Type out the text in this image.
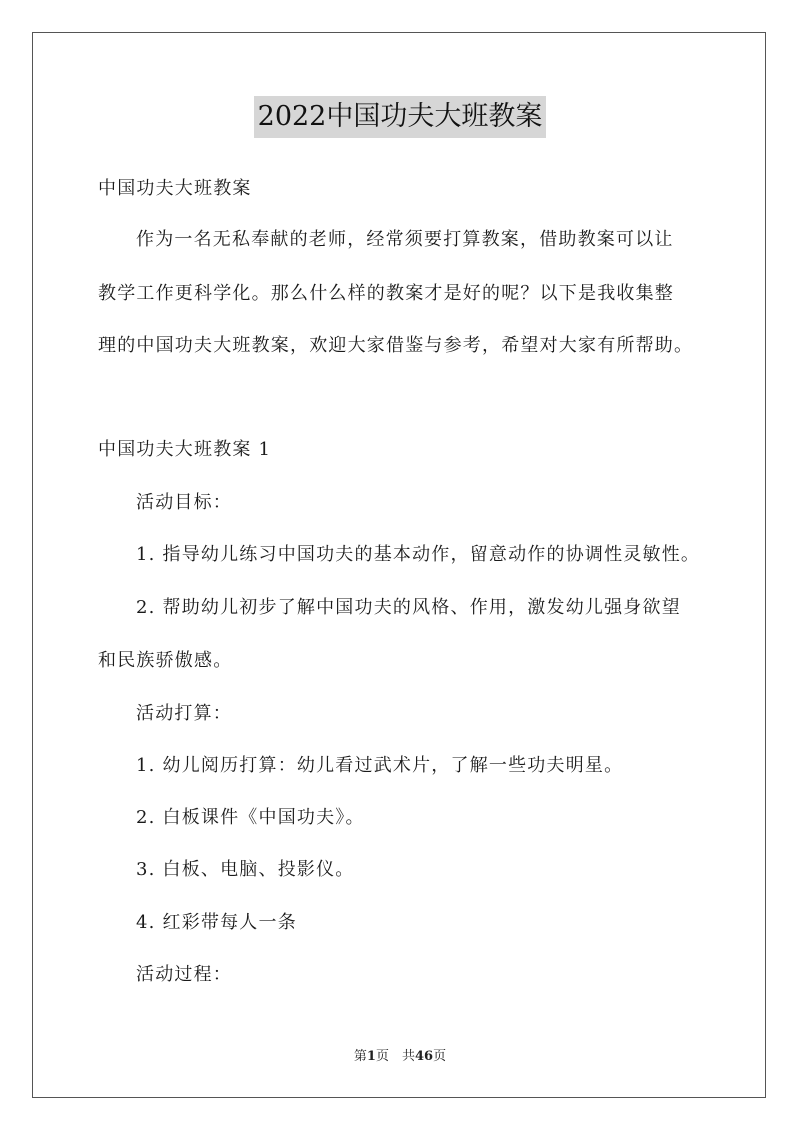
2022中国功夫大班教案
中国功夫大班教案
作为一名无私奉献的老师，经常须要打算教案，借助教案可以让
教学工作更科学化。那么什么样的教案才是好的呢？以下是我收集整
理的中国功夫大班教案，欢迎大家借鉴与参考，希望对大家有所帮助。
中国功夫大班教案 1
活动目标：
1. 指导幼儿练习中国功夫的基本动作，留意动作的协调性灵敏性。
2. 帮助幼儿初步了解中国功夫的风格、作用，激发幼儿强身欲望
和民族骄傲感。
活动打算：
1. 幼儿阅历打算：幼儿看过武术片，了解一些功夫明星。
2. 白板课件《中国功夫》。
3. 白板、电脑、投影仪。
4. 红彩带每人一条
活动过程：
第1页　共46页
